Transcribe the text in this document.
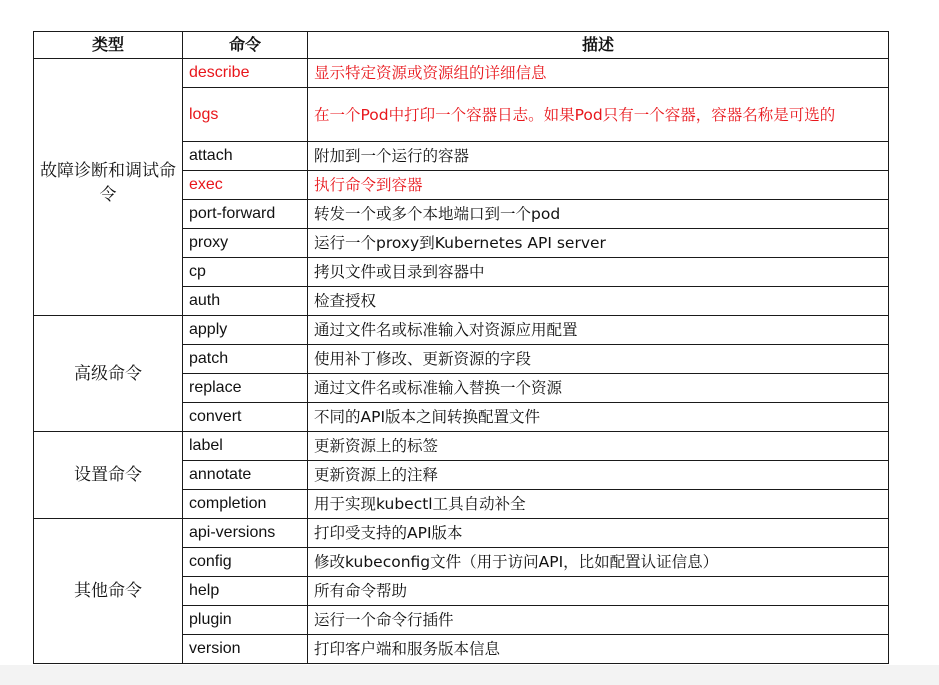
类型	命令	描述
故障诊断和调试命令	describe	显示特定资源或资源组的详细信息
	logs	在一个Pod中打印一个容器日志。如果Pod只有一个容器，容器名称是可选的
	attach	附加到一个运行的容器
	exec	执行命令到容器
	port-forward	转发一个或多个本地端口到一个pod
	proxy	运行一个proxy到Kubernetes API server
	cp	拷贝文件或目录到容器中
	auth	检查授权
高级命令	apply	通过文件名或标准输入对资源应用配置
	patch	使用补丁修改、更新资源的字段
	replace	通过文件名或标准输入替换一个资源
	convert	不同的API版本之间转换配置文件
设置命令	label	更新资源上的标签
	annotate	更新资源上的注释
	completion	用于实现kubectl工具自动补全
其他命令	api-versions	打印受支持的API版本
	config	修改kubeconfig文件（用于访问API，比如配置认证信息）
	help	所有命令帮助
	plugin	运行一个命令行插件
	version	打印客户端和服务版本信息
